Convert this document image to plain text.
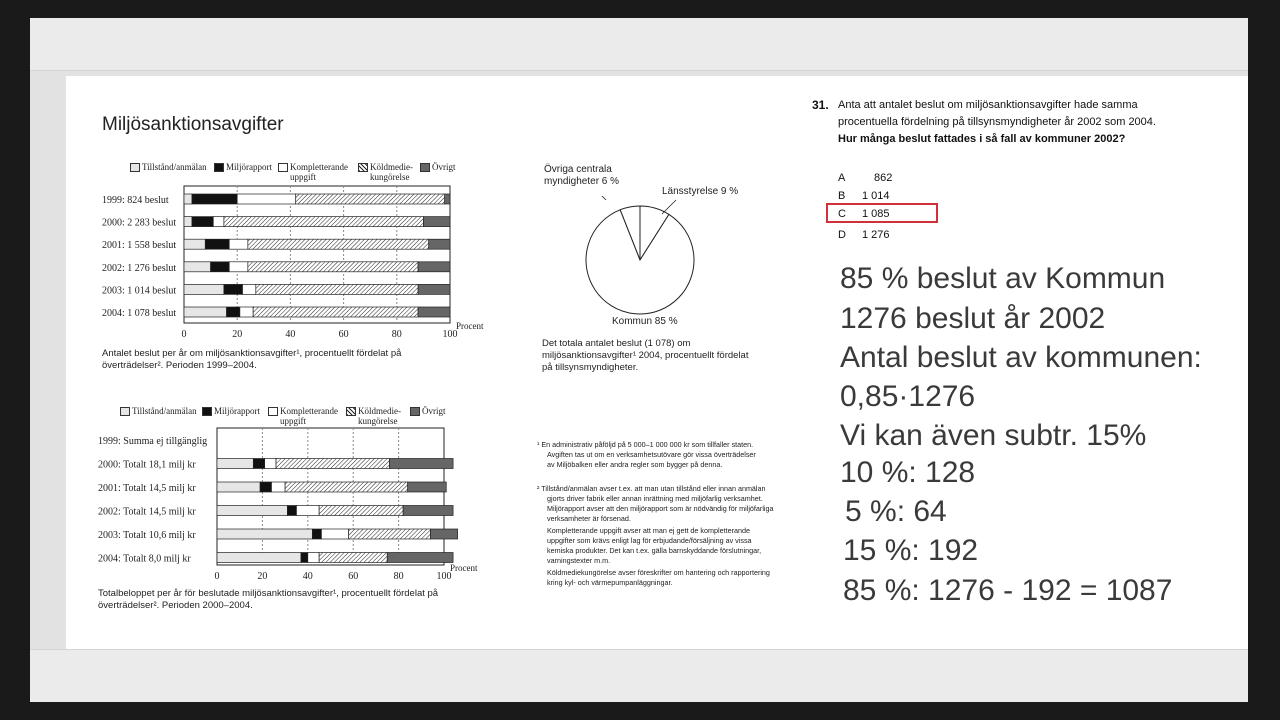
Miljösanktionsavgifter
Tillstånd/anmälan Miljörapport Kompletterande uppgift
Köldmedie-kungörelse
Övrigt
0	20	40	60	80	100
Procent
1999: 824 beslut
2000: 2 283 beslut
2001: 1 558 beslut
2002: 1 276 beslut
2003: 1 014 beslut
2004: 1 078 beslut
Antalet beslut per år om miljösanktionsavgifter¹, procentuellt fördelat på överträdelser². Perioden 1999–2004.
Övriga centrala myndigheter 6 %
Länsstyrelse 9 %
Kommun 85 %
Det totala antalet beslut (1 078) om miljösanktionsavgifter¹ 2004, procentuellt fördelat på tillsynsmyndigheter.
Tillstånd/anmälan Miljörapport Kompletterande uppgift
Köldmedie-kungörelse
Övrigt
0	20	40	60	80	100
Procent
1999: Summa ej tillgänglig
2000: Totalt 18,1 milj kr
2001: Totalt 14,5 milj kr
2002: Totalt 14,5 milj kr
2003: Totalt 10,6 milj kr
2004: Totalt 8,0 milj kr
Totalbeloppet per år för beslutade miljösanktionsavgifter¹, procentuellt fördelat på överträdelser². Perioden 2000–2004.
¹ En administrativ påföljd på 5 000–1 000 000 kr som tillfaller staten.
Avgiften tas ut om en verksamhetsutövare gör vissa överträdelser
av Miljöbalken eller andra regler som bygger på denna.
² Tillstånd/anmälan avser t.ex. att man utan tillstånd eller innan anmälan
gjorts driver fabrik eller annan inrättning med miljöfarlig verksamhet.
Miljörapport avser att den miljörapport som är nödvändig för miljöfarliga
verksamheter är försenad.
Kompletterande uppgift avser att man ej gett de kompletterande
uppgifter som krävs enligt lag för erbjudande/försäljning av vissa
kemiska produkter. Det kan t.ex. gälla barnskyddande förslutningar,
varningstexter m.m.
Köldmediekungörelse avser föreskrifter om hantering och rapportering
kring kyl- och värmepumpanläggningar.
31. Anta att antalet beslut om miljösanktionsavgifter hade samma
procentuella fördelning på tillsynsmyndigheter år 2002 som 2004.
Hur många beslut fattades i så fall av kommuner 2002?
A	862
B 1 014
C 1 085
D 1 276
85 % beslut av Kommun
1276 beslut år 2002
Antal beslut av kommunen:
0,85·1276
Vi kan även subtr. 15%
10 %: 128
5 %: 64
15 %: 192
85 %: 1276 - 192 = 1087
